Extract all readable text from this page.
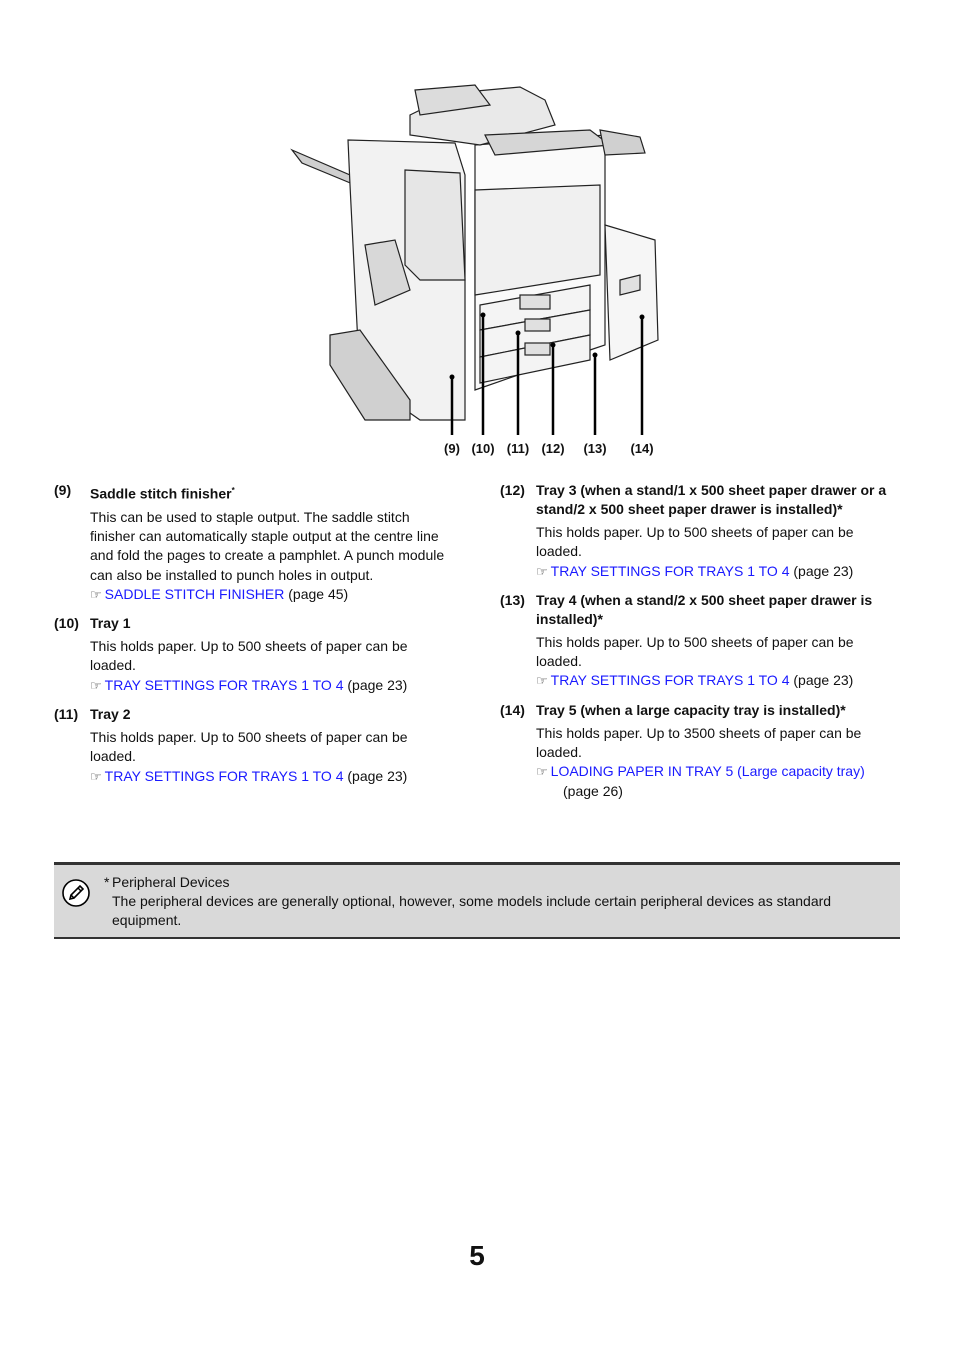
(9) (10) (11) (12) (13) (14)
(9)	Saddle stitch finisher*
This can be used to staple output. The saddle stitch
finisher can automatically staple output at the centre line
and fold the pages to create a pamphlet. A punch module
can also be installed to punch holes in output.
☞ SADDLE STITCH FINISHER (page 45)
(10) Tray 1
This holds paper. Up to 500 sheets of paper can be
loaded.
☞ TRAY SETTINGS FOR TRAYS 1 TO 4 (page 23)
(11) Tray 2
This holds paper. Up to 500 sheets of paper can be
loaded.
☞ TRAY SETTINGS FOR TRAYS 1 TO 4 (page 23)
(12) Tray 3 (when a stand/1 x 500 sheet paper drawer or a stand/2 x 500 sheet paper drawer is installed)*
This holds paper. Up to 500 sheets of paper can be
loaded.
☞ TRAY SETTINGS FOR TRAYS 1 TO 4 (page 23)
(13) Tray 4 (when a stand/2 x 500 sheet paper drawer is installed)*
This holds paper. Up to 500 sheets of paper can be
loaded.
☞ TRAY SETTINGS FOR TRAYS 1 TO 4 (page 23)
(14) Tray 5 (when a large capacity tray is installed)*
This holds paper. Up to 3500 sheets of paper can be
loaded.
☞ LOADING PAPER IN TRAY 5 (Large capacity tray)
(page 26)
* Peripheral Devices
The peripheral devices are generally optional, however, some models include certain peripheral devices as standard equipment.
5
